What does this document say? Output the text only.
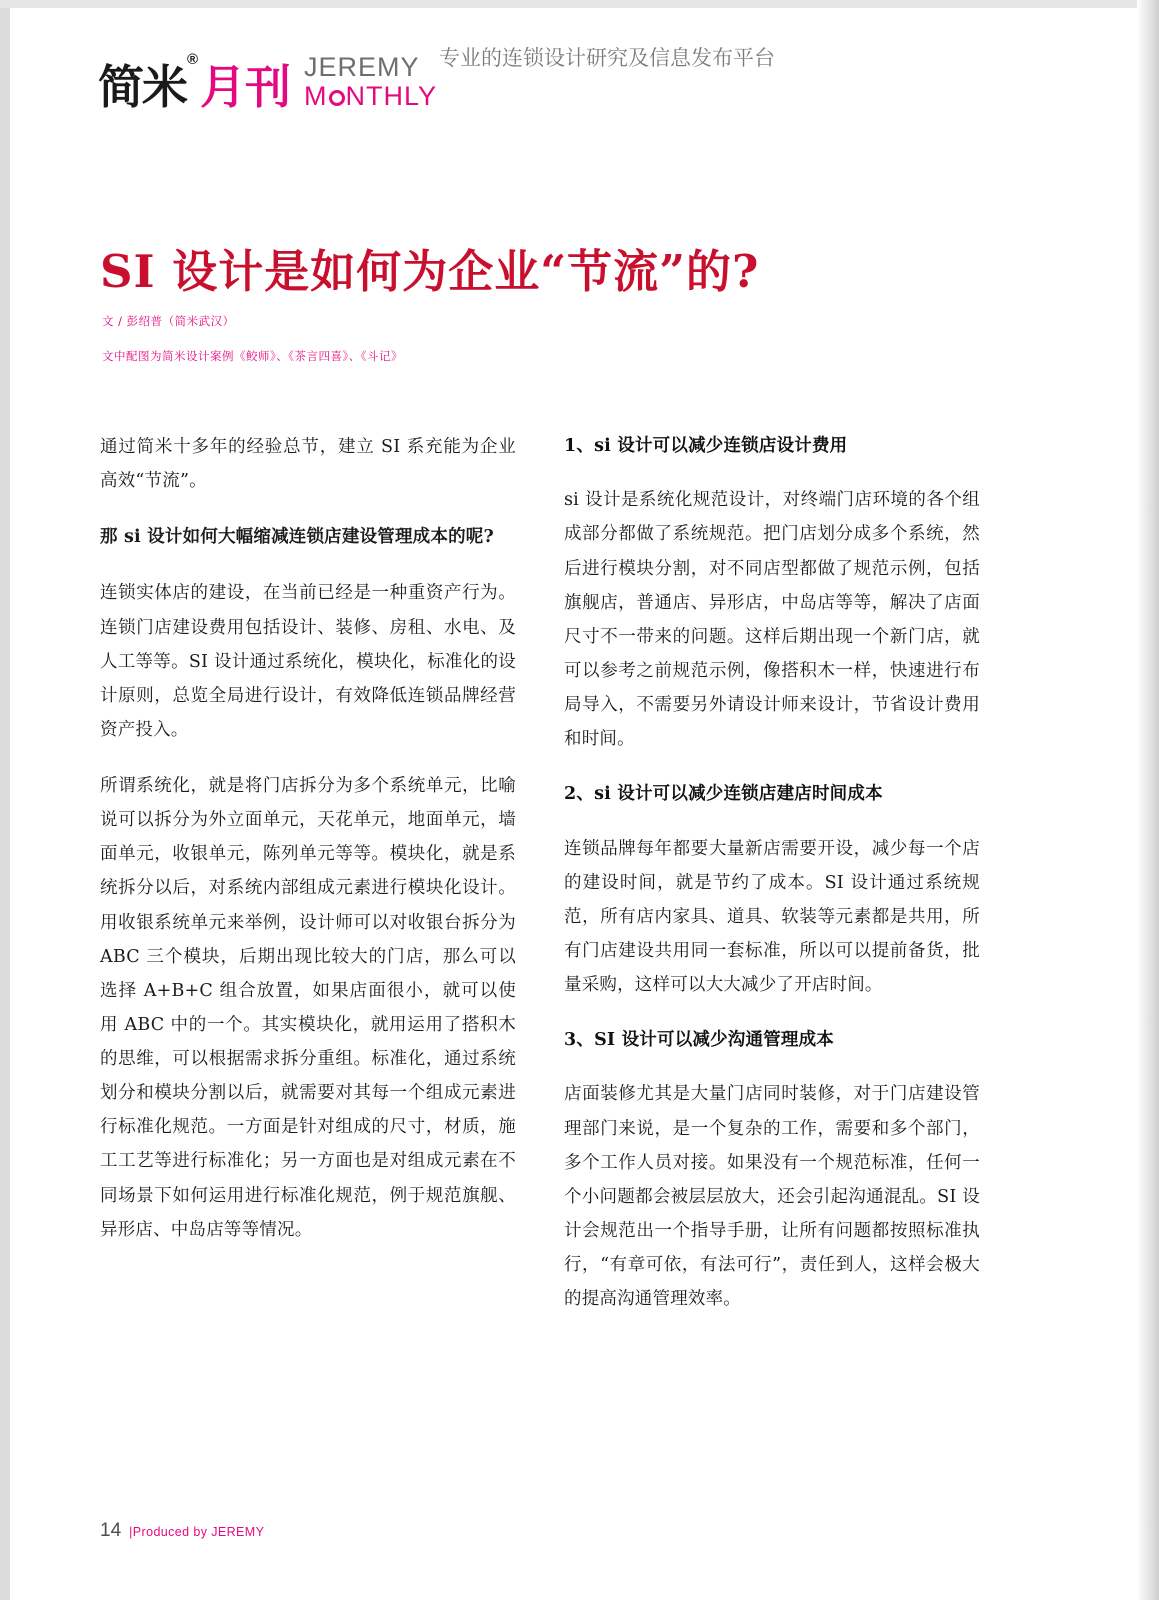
简米
®
月刊 JEREMY
M NTHLY
专业的连锁设计研究及信息发布平台
SI 设计是如何为企业“节流”的?
文 / 彭绍普（简米武汉）
文中配图为简米设计案例《鲛师》、《茶言四喜》、《斗记》

通过简米十多年的经验总节，建立 SI 系充能为企业高效“节流”。

那 si 设计如何大幅缩减连锁店建设管理成本的呢?

连锁实体店的建设，在当前已经是一种重资产行为。连锁门店建设费用包括设计、装修、房租、水电、及人工等等。SI 设计通过系统化，模块化，标准化的设计原则，总览全局进行设计，有效降低连锁品牌经营资产投入。

所谓系统化，就是将门店拆分为多个系统单元，比喻说可以拆分为外立面单元，天花单元，地面单元，墙面单元，收银单元，陈列单元等等。模块化，就是系统拆分以后，对系统内部组成元素进行模块化设计。用收银系统单元来举例，设计师可以对收银台拆分为 ABC 三个模块，后期出现比较大的门店，那么可以选择 A+B+C 组合放置，如果店面很小，就可以使用 ABC 中的一个。其实模块化，就用运用了搭积木的思维，可以根据需求拆分重组。标准化，通过系统划分和模块分割以后，就需要对其每一个组成元素进行标准化规范。一方面是针对组成的尺寸，材质，施工工艺等进行标准化；另一方面也是对组成元素在不同场景下如何运用进行标准化规范，例于规范旗舰、异形店、中岛店等等情况。

1、si 设计可以减少连锁店设计费用

si 设计是系统化规范设计，对终端门店环境的各个组成部分都做了系统规范。把门店划分成多个系统，然后进行模块分割，对不同店型都做了规范示例，包括旗舰店，普通店、异形店，中岛店等等，解决了店面尺寸不一带来的问题。这样后期出现一个新门店，就可以参考之前规范示例，像搭积木一样，快速进行布局导入，不需要另外请设计师来设计，节省设计费用和时间。

2、si 设计可以减少连锁店建店时间成本

连锁品牌每年都要大量新店需要开设，减少每一个店的建设时间，就是节约了成本。SI 设计通过系统规范，所有店内家具、道具、软装等元素都是共用，所有门店建设共用同一套标准，所以可以提前备货，批量采购，这样可以大大减少了开店时间。

3、SI 设计可以减少沟通管理成本

店面装修尤其是大量门店同时装修，对于门店建设管理部门来说，是一个复杂的工作，需要和多个部门，多个工作人员对接。如果没有一个规范标准，任何一个小问题都会被层层放大，还会引起沟通混乱。SI 设计会规范出一个指导手册，让所有问题都按照标准执行，“有章可依，有法可行”，责任到人，这样会极大的提高沟通管理效率。

14 |Produced by JEREMY
